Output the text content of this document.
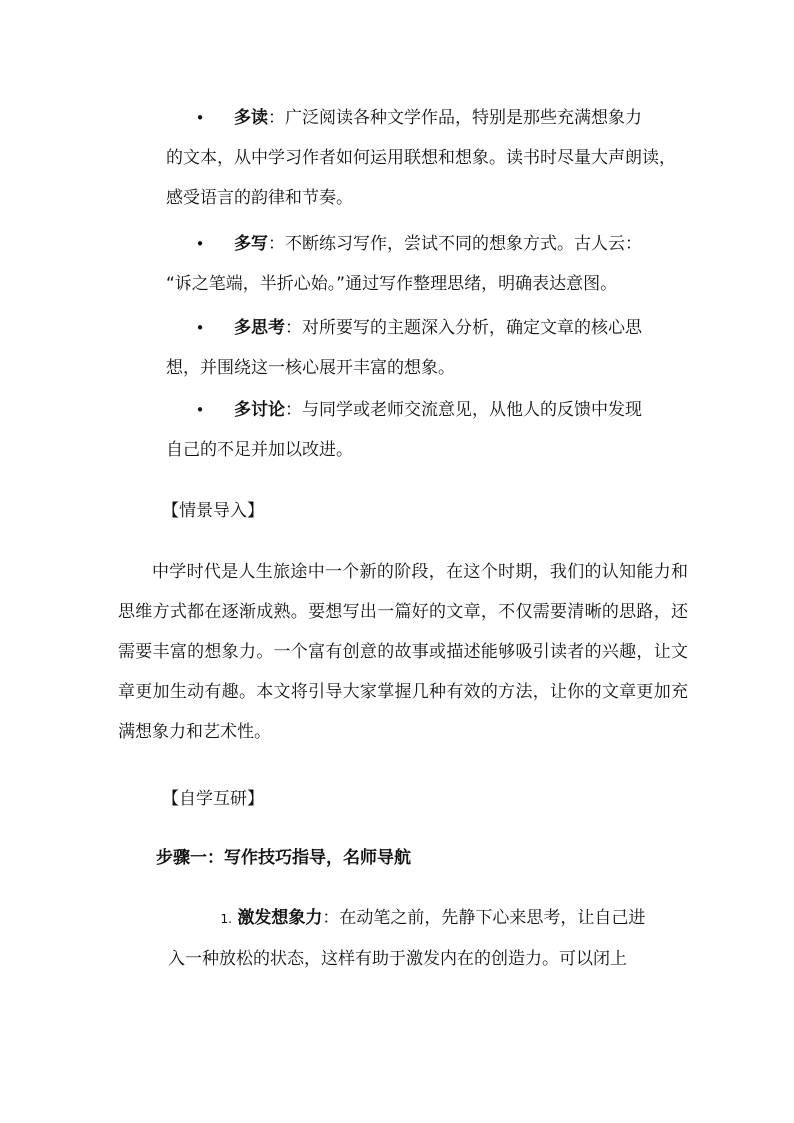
• 多读：广泛阅读各种文学作品，特别是那些充满想象力
的文本，从中学习作者如何运用联想和想象。读书时尽量大声朗读，感受语言的韵律和节奏。
• 多写：不断练习写作，尝试不同的想象方式。古人云：
“诉之笔端，半折心始。”通过写作整理思绪，明确表达意图。
• 多思考：对所要写的主题深入分析，确定文章的核心思
想，并围绕这一核心展开丰富的想象。
• 多讨论：与同学或老师交流意见，从他人的反馈中发现
自己的不足并加以改进。
【情景导入】
中学时代是人生旅途中一个新的阶段，在这个时期，我们的认知能力和思维方式都在逐渐成熟。要想写出一篇好的文章，不仅需要清晰的思路，还需要丰富的想象力。一个富有创意的故事或描述能够吸引读者的兴趣，让文章更加生动有趣。本文将引导大家掌握几种有效的方法，让你的文章更加充满想象力和艺术性。
【自学互研】
步骤一：写作技巧指导，名师导航
1. 激发想象力：在动笔之前，先静下心来思考，让自己进
入一种放松的状态，这样有助于激发内在的创造力。可以闭上
